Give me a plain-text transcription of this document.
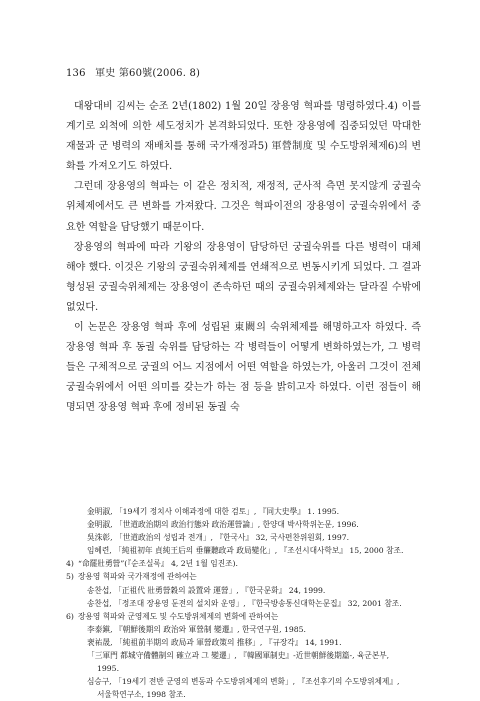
136 軍史 第60號(2006. 8)

대왕대비 김씨는 순조 2년(1802) 1월 20일 장용영 혁파를 명령하였다.4) 이를 계기로 외척에 의한 세도정치가 본격화되었다. 또한 장용영에 집중되었던 막대한 재물과 군 병력의 재배치를 통해 국가재정과5) 軍營制度 및 수도방위체제6)의 변화를 가져오기도 하였다.

그런데 장용영의 혁파는 이 같은 정치적, 재정적, 군사적 측면 못지않게 궁궐숙위체제에서도 큰 변화를 가져왔다. 그것은 혁파이전의 장용영이 궁궐숙위에서 중요한 역할을 담당했기 때문이다.

장용영의 혁파에 따라 기왕의 장용영이 담당하던 궁궐숙위를 다른 병력이 대체해야 했다. 이것은 기왕의 궁궐숙위체제를 연쇄적으로 변동시키게 되었다. 그 결과 형성된 궁궐숙위체제는 장용영이 존속하던 때의 궁궐숙위체제와는 달라질 수밖에 없었다.

이 논문은 장용영 혁파 후에 성립된 東闕의 숙위체제를 해명하고자 하였다. 즉 장용영 혁파 후 동궐 숙위를 담당하는 각 병력들이 어떻게 변화하였는가, 그 병력들은 구체적으로 궁궐의 어느 지점에서 어떤 역할을 하였는가, 아울러 그것이 전체 궁궐숙위에서 어떤 의미를 갖는가 하는 점 등을 밝히고자 하였다. 이런 점들이 해명되면 장용영 혁파 후에 정비된 동궐 숙

金明淑, 「19세기 정치사 이해과정에 대한 검토」, 『同大史學』 1. 1995.
金明淑, 「世道政治期의 政治行態와 政治運營論」, 한양대 박사학위논문, 1996.
吳洙彰, 「世道政治의 성립과 전개」, 『한국사』 32, 국사편찬위원회, 1997.
임혜련, 「純祖初年 貞純王后의 垂簾聽政과 政局變化」, 『조선시대사학보』 15, 2000 참조.
4) “命罷壯勇營”(『순조실록』 4, 2년 1월 임진조).
5) 장용영 혁파와 국가재정에 관하여는
송찬섭, 「正祖代 壯勇營穀의 設置와 運營」, 『한국문화』 24, 1999.
송찬섭, 「정조대 장용영 둔전의 설치와 운영」, 『한국방송통신대학논문집』 32, 2001 참조.
6) 장용영 혁파와 군영제도 및 수도방위체제의 변화에 관하여는
李泰鎭, 『朝鮮後期의 政治와 軍營制 變遷』, 한국연구원, 1985.
裵祐晟, 「純祖前半期의 政局과 軍營政策의 推移」, 『규장각』 14, 1991.
「三軍門 都城守備體制의 確立과 그 變遷」, 『韓國軍制史』-近世朝鮮後期篇-, 육군본부,
1995.
심승구, 「19세기 전반 군영의 변동과 수도방위체제의 변화」, 『조선후기의 수도방위체제』,
서울학연구소, 1998 참조.
